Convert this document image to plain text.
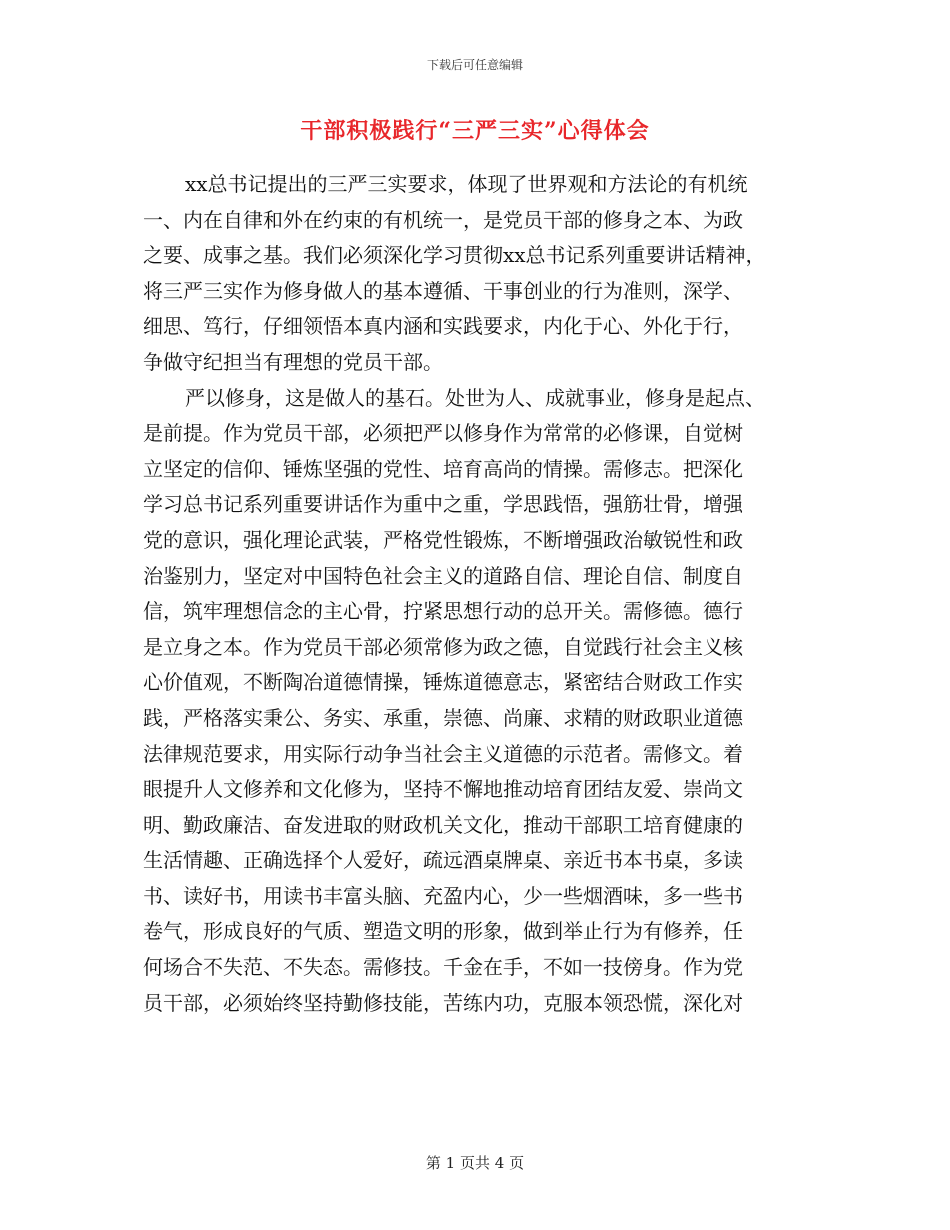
下载后可任意编辑
干部积极践行“三严三实”心得体会
xx总书记提出的三严三实要求，体现了世界观和方法论的有机统
一、内在自律和外在约束的有机统一，是党员干部的修身之本、为政
之要、成事之基。我们必须深化学习贯彻xx总书记系列重要讲话精神，
将三严三实作为修身做人的基本遵循、干事创业的行为准则，深学、
细思、笃行，仔细领悟本真内涵和实践要求，内化于心、外化于行，
争做守纪担当有理想的党员干部。
严以修身，这是做人的基石。处世为人、成就事业，修身是起点、
是前提。作为党员干部，必须把严以修身作为常常的必修课，自觉树
立坚定的信仰、锤炼坚强的党性、培育高尚的情操。需修志。把深化
学习总书记系列重要讲话作为重中之重，学思践悟，强筋壮骨，增强
党的意识，强化理论武装，严格党性锻炼，不断增强政治敏锐性和政
治鉴别力，坚定对中国特色社会主义的道路自信、理论自信、制度自
信，筑牢理想信念的主心骨，拧紧思想行动的总开关。需修德。德行
是立身之本。作为党员干部必须常修为政之德，自觉践行社会主义核
心价值观，不断陶冶道德情操，锤炼道德意志，紧密结合财政工作实
践，严格落实秉公、务实、承重，崇德、尚廉、求精的财政职业道德
法律规范要求，用实际行动争当社会主义道德的示范者。需修文。着
眼提升人文修养和文化修为，坚持不懈地推动培育团结友爱、崇尚文
明、勤政廉洁、奋发进取的财政机关文化，推动干部职工培育健康的
生活情趣、正确选择个人爱好，疏远酒桌牌桌、亲近书本书桌，多读
书、读好书，用读书丰富头脑、充盈内心，少一些烟酒味，多一些书
卷气，形成良好的气质、塑造文明的形象，做到举止行为有修养，任
何场合不失范、不失态。需修技。千金在手，不如一技傍身。作为党
员干部，必须始终坚持勤修技能，苦练内功，克服本领恐慌，深化对
第 1 页共 4 页
